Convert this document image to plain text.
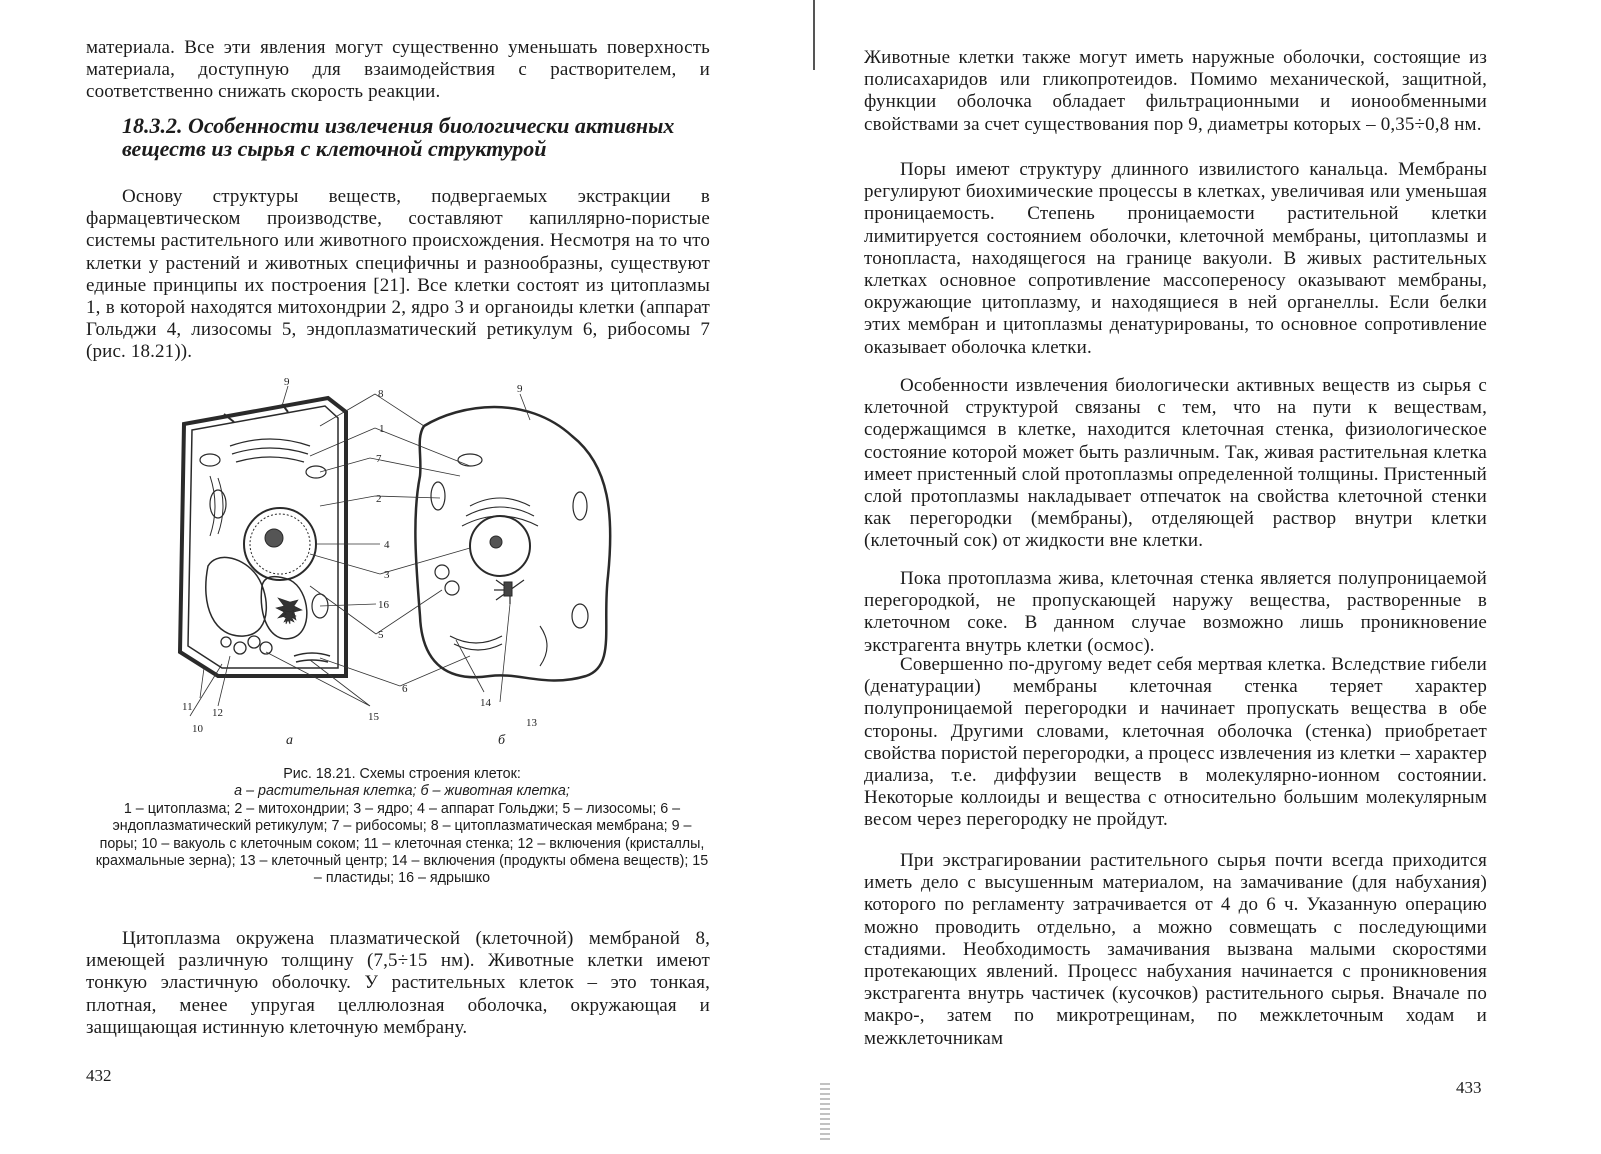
материала. Все эти явления могут существенно уменьшать поверхность материала, доступную для взаимодействия с растворителем, и соответственно снижать скорость реакции.

18.3.2. Особенности извлечения биологически активных веществ из сырья с клеточной структурой

Основу структуры веществ, подвергаемых экстракции в фармацевтическом производстве, составляют капиллярно-пористые системы растительного или животного происхождения. Несмотря на то что клетки у растений и животных специфичны и разнообразны, существуют единые принципы их построения [21]. Все клетки состоят из цитоплазмы 1, в которой находятся митохондрии 2, ядро 3 и органоиды клетки (аппарат Гольджи 4, лизосомы 5, эндоплазматический ретикулум 6, рибосомы 7 (рис. 18.21)).

9
9
8
1
7
2
4
3
16
5
6
15
12
11
10
14
13
а	б
Рис. 18.21. Схемы строения клеток:
а – растительная клетка; б – животная клетка;
1 – цитоплазма; 2 – митохондрии; 3 – ядро; 4 – аппарат Гольджи; 5 – лизосомы; 6 – эндоплазматический ретикулум; 7 – рибосомы; 8 – цитоплазматическая мембрана; 9 – поры; 10 – вакуоль с клеточным соком; 11 – клеточная стенка; 12 – включения (кристаллы, крахмальные зерна); 13 – клеточный центр; 14 – включения (продукты обмена веществ); 15 – пластиды; 16 – ядрышко

Цитоплазма окружена плазматической (клеточной) мембраной 8, имеющей различную толщину (7,5÷15 нм). Животные клетки имеют тонкую эластичную оболочку. У растительных клеток – это тонкая, плотная, менее упругая целлюлозная оболочка, окружающая и защищающая истинную клеточную мембрану.

432

Животные клетки также могут иметь наружные оболочки, состоящие из полисахаридов или гликопротеидов. Помимо механической, защитной, функции оболочка обладает фильтрационными и ионообменными свойствами за счет существования пор 9, диаметры которых – 0,35÷0,8 нм.

Поры имеют структуру длинного извилистого канальца. Мембраны регулируют биохимические процессы в клетках, увеличивая или уменьшая проницаемость. Степень проницаемости растительной клетки лимитируется состоянием оболочки, клеточной мембраны, цитоплазмы и тонопласта, находящегося на границе вакуоли. В живых растительных клетках основное сопротивление массопереносу оказывают мембраны, окружающие цитоплазму, и находящиеся в ней органеллы. Если белки этих мембран и цитоплазмы денатурированы, то основное сопротивление оказывает оболочка клетки.

Особенности извлечения биологически активных веществ из сырья с клеточной структурой связаны с тем, что на пути к веществам, содержащимся в клетке, находится клеточная стенка, физиологическое состояние которой может быть различным. Так, живая растительная клетка имеет пристенный слой протоплазмы определенной толщины. Пристенный слой протоплазмы накладывает отпечаток на свойства клеточной стенки как перегородки (мембраны), отделяющей раствор внутри клетки (клеточный сок) от жидкости вне клетки.

Пока протоплазма жива, клеточная стенка является полупроницаемой перегородкой, не пропускающей наружу вещества, растворенные в клеточном соке. В данном случае возможно лишь проникновение экстрагента внутрь клетки (осмос).

Совершенно по-другому ведет себя мертвая клетка. Вследствие гибели (денатурации) мембраны клеточная стенка теряет характер полупроницаемой перегородки и начинает пропускать вещества в обе стороны. Другими словами, клеточная оболочка (стенка) приобретает свойства пористой перегородки, а процесс извлечения из клетки – характер диализа, т.е. диффузии веществ в молекулярно-ионном состоянии. Некоторые коллоиды и вещества с относительно большим молекулярным весом через перегородку не пройдут.

При экстрагировании растительного сырья почти всегда приходится иметь дело с высушенным материалом, на замачивание (для набухания) которого по регламенту затрачивается от 4 до 6 ч. Указанную операцию можно проводить отдельно, а можно совмещать с последующими стадиями. Необходимость замачивания вызвана малыми скоростями протекающих явлений. Процесс набухания начинается с проникновения экстрагента внутрь частичек (кусочков) растительного сырья. Вначале по макро-, затем по микротрещинам, по межклеточным ходам и межклеточникам

433
